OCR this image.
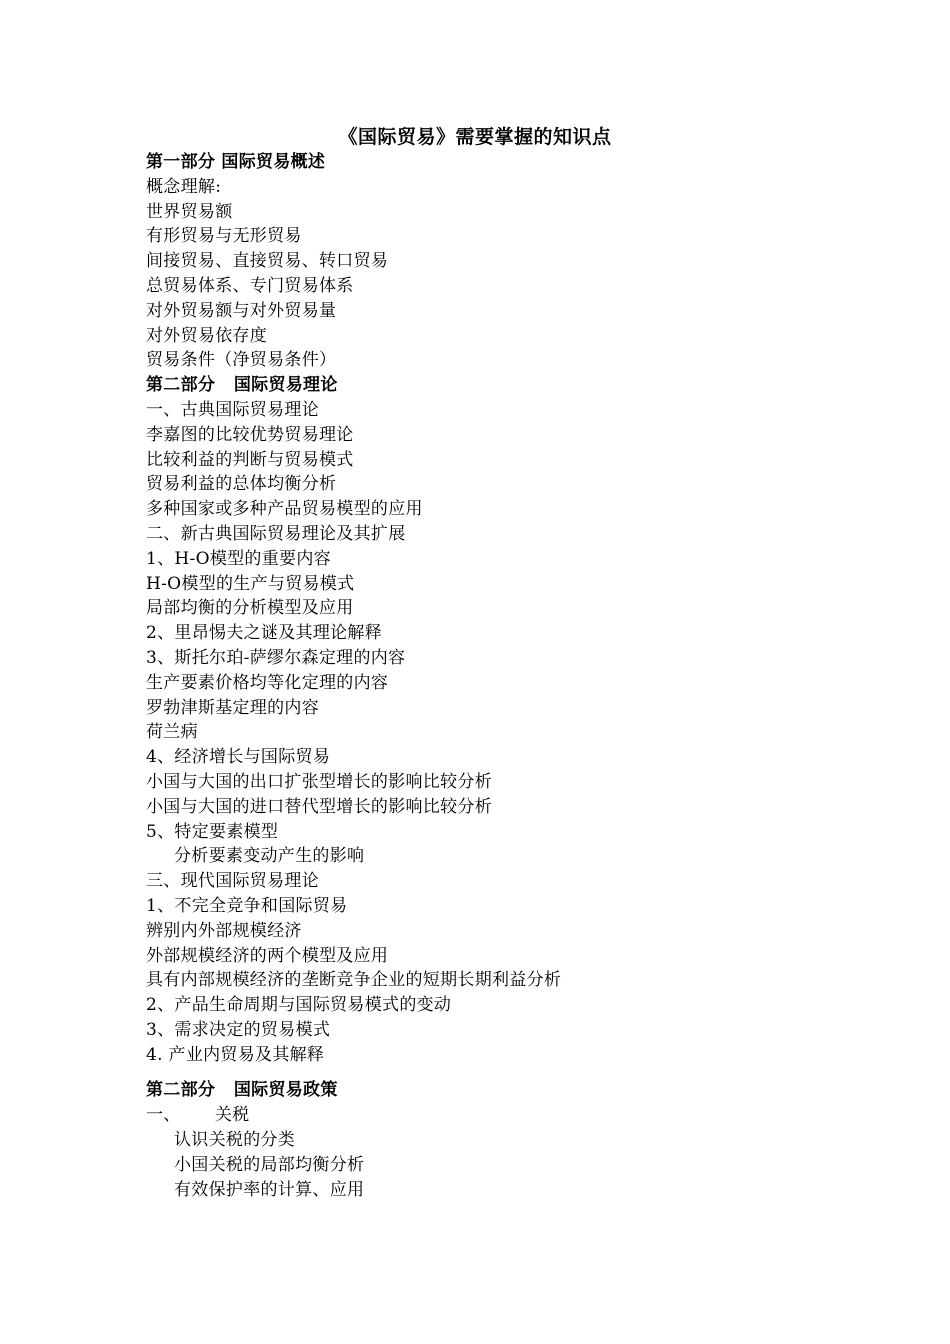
《国际贸易》需要掌握的知识点
第一部分 国际贸易概述
概念理解:
世界贸易额
有形贸易与无形贸易
间接贸易、直接贸易、转口贸易
总贸易体系、专门贸易体系
对外贸易额与对外贸易量
对外贸易依存度
贸易条件（净贸易条件）
第二部分   国际贸易理论
一、古典国际贸易理论
李嘉图的比较优势贸易理论
比较利益的判断与贸易模式
贸易利益的总体均衡分析
多种国家或多种产品贸易模型的应用
二、新古典国际贸易理论及其扩展
1、H-O模型的重要内容
H-O模型的生产与贸易模式
局部均衡的分析模型及应用
2、里昂惕夫之谜及其理论解释
3、斯托尔珀-萨缪尔森定理的内容
生产要素价格均等化定理的内容
罗勃津斯基定理的内容
荷兰病
4、经济增长与国际贸易
小国与大国的出口扩张型增长的影响比较分析
小国与大国的进口替代型增长的影响比较分析
5、特定要素模型
分析要素变动产生的影响
三、现代国际贸易理论
1、不完全竞争和国际贸易
辨别内外部规模经济
外部规模经济的两个模型及应用
具有内部规模经济的垄断竞争企业的短期长期利益分析
2、产品生命周期与国际贸易模式的变动
3、需求决定的贸易模式
4. 产业内贸易及其解释
第二部分   国际贸易政策
一、      关税
认识关税的分类
小国关税的局部均衡分析
有效保护率的计算、应用
